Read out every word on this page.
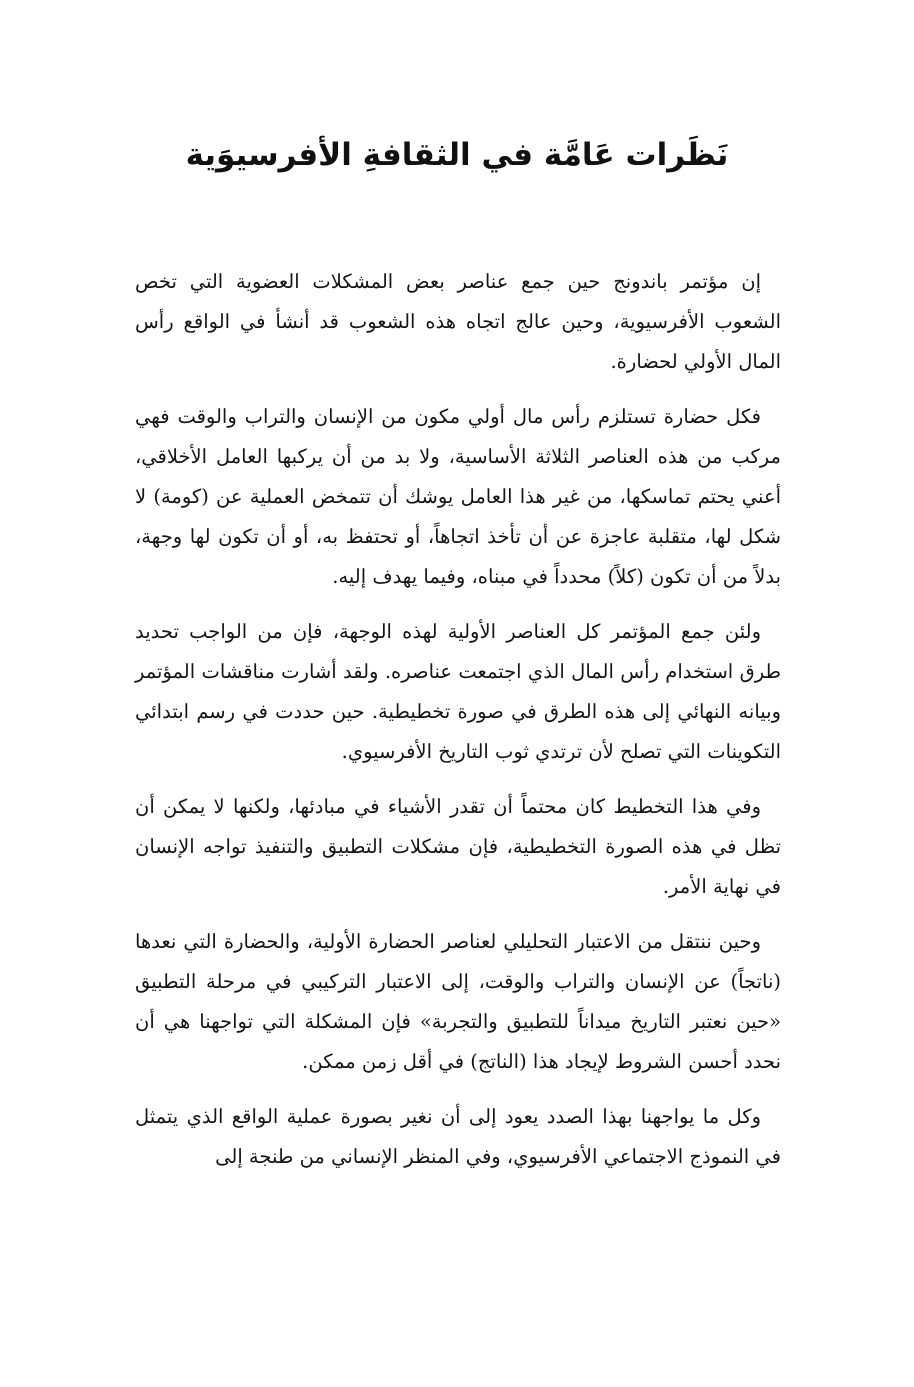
نَظَرات عَامَّة في الثقافةِ الأفرسيوَية

إن مؤتمر باندونج حين جمع عناصر بعض المشكلات العضوية التي تخص الشعوب الأفرسيوية، وحين عالج اتجاه هذه الشعوب قد أنشأ في الواقع رأس المال الأولي لحضارة.

فكل حضارة تستلزم رأس مال أولي مكون من الإنسان والتراب والوقت فهي مركب من هذه العناصر الثلاثة الأساسية، ولا بد من أن يركبها العامل الأخلاقي، أعني يحتم تماسكها، من غير هذا العامل يوشك أن تتمخض العملية عن (كومة) لا شكل لها، متقلبة عاجزة عن أن تأخذ اتجاهاً، أو تحتفظ به، أو أن تكون لها وجهة، بدلاً من أن تكون (كلاً) محدداً في مبناه، وفيما يهدف إليه.

ولئن جمع المؤتمر كل العناصر الأولية لهذه الوجهة، فإن من الواجب تحديد طرق استخدام رأس المال الذي اجتمعت عناصره. ولقد أشارت مناقشات المؤتمر وبيانه النهائي إلى هذه الطرق في صورة تخطيطية. حين حددت في رسم ابتدائي التكوينات التي تصلح لأن ترتدي ثوب التاريخ الأفرسيوي.

وفي هذا التخطيط كان محتماً أن تقدر الأشياء في مبادئها، ولكنها لا يمكن أن تظل في هذه الصورة التخطيطية، فإن مشكلات التطبيق والتنفيذ تواجه الإنسان في نهاية الأمر.

وحين ننتقل من الاعتبار التحليلي لعناصر الحضارة الأولية، والحضارة التي نعدها (ناتجاً) عن الإنسان والتراب والوقت، إلى الاعتبار التركيبي في مرحلة التطبيق «حين نعتبر التاريخ ميداناً للتطبيق والتجربة» فإن المشكلة التي تواجهنا هي أن نحدد أحسن الشروط لإيجاد هذا (الناتج) في أقل زمن ممكن.

وكل ما يواجهنا بهذا الصدد يعود إلى أن نغير بصورة عملية الواقع الذي يتمثل في النموذج الاجتماعي الأفرسيوي، وفي المنظر الإنساني من طنجة إلى
